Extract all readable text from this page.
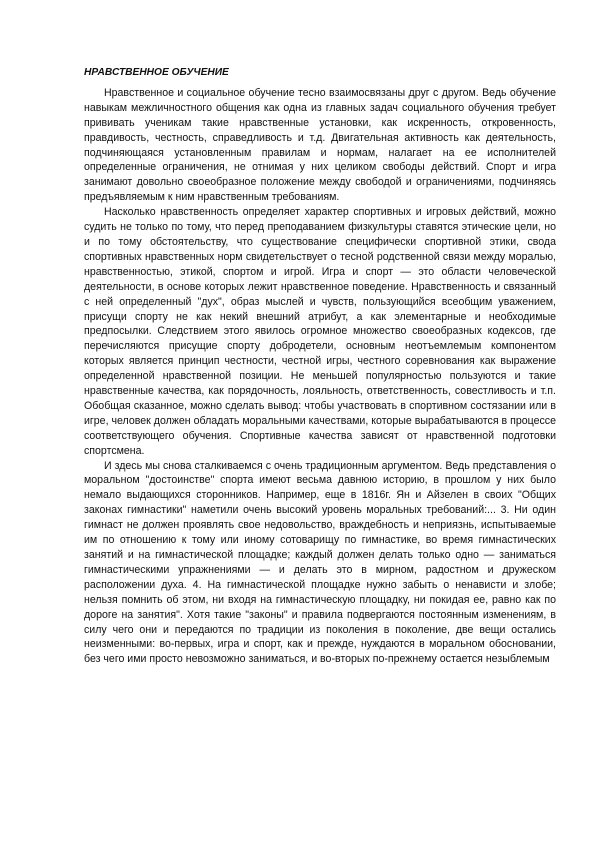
НРАВСТВЕННОЕ ОБУЧЕНИЕ

Нравственное и социальное обучение тесно взаимосвязаны друг с другом. Ведь обучение навыкам межличностного общения как одна из главных задач социального обучения требует прививать ученикам такие нравственные установки, как искренность, откровенность, правдивость, честность, справедливость и т.д. Двигательная активность как деятельность, подчиняющаяся установленным правилам и нормам, налагает на ее исполнителей определенные ограничения, не отнимая у них целиком свободы действий. Спорт и игра занимают довольно своеобразное положение между свободой и ограничениями, подчиняясь предъявляемым к ним нравственным требованиям.

Насколько нравственность определяет характер спортивных и игровых действий, можно судить не только по тому, что перед преподаванием физкультуры ставятся этические цели, но и по тому обстоятельству, что существование специфически спортивной этики, свода спортивных нравственных норм свидетельствует о тесной родственной связи между моралью, нравственностью, этикой, спортом и игрой. Игра и спорт — это области человеческой деятельности, в основе которых лежит нравственное поведение. Нравственность и связанный с ней определенный "дух", образ мыслей и чувств, пользующийся всеобщим уважением, присущи спорту не как некий внешний атрибут, а как элементарные и необходимые предпосылки. Следствием этого явилось огромное множество своеобразных кодексов, где перечисляются присущие спорту добродетели, основным неотъемлемым компонентом которых является принцип честности, честной игры, честного соревнования как выражение определенной нравственной позиции. Не меньшей популярностью пользуются и такие нравственные качества, как порядочность, лояльность, ответственность, совестливость и т.п. Обобщая сказанное, можно сделать вывод: чтобы участвовать в спортивном состязании или в игре, человек должен обладать моральными качествами, которые вырабатываются в процессе соответствующего обучения. Спортивные качества зависят от нравственной подготовки спортсмена.

И здесь мы снова сталкиваемся с очень традиционным аргументом. Ведь представления о моральном "достоинстве" спорта имеют весьма давнюю историю, в прошлом у них было немало выдающихся сторонников. Например, еще в 1816г. Ян и Айзелен в своих "Общих законах гимнастики" наметили очень высокий уровень моральных требований:... 3. Ни один гимнаст не должен проявлять свое недовольство, враждебность и неприязнь, испытываемые им по отношению к тому или иному сотоварищу по гимнастике, во время гимнастических занятий и на гимнастической площадке; каждый должен делать только одно — заниматься гимнастическими упражнениями — и делать это в мирном, радостном и дружеском расположении духа. 4. На гимнастической площадке нужно забыть о ненависти и злобе; нельзя помнить об этом, ни входя на гимнастическую площадку, ни покидая ее, равно как по дороге на занятия". Хотя такие "законы" и правила подвергаются постоянным изменениям, в силу чего они и передаются по традиции из поколения в поколение, две вещи остались неизменными: во-первых, игра и спорт, как и прежде, нуждаются в моральном обосновании, без чего ими просто невозможно заниматься, и во-вторых по-прежнему остается незыблемым
